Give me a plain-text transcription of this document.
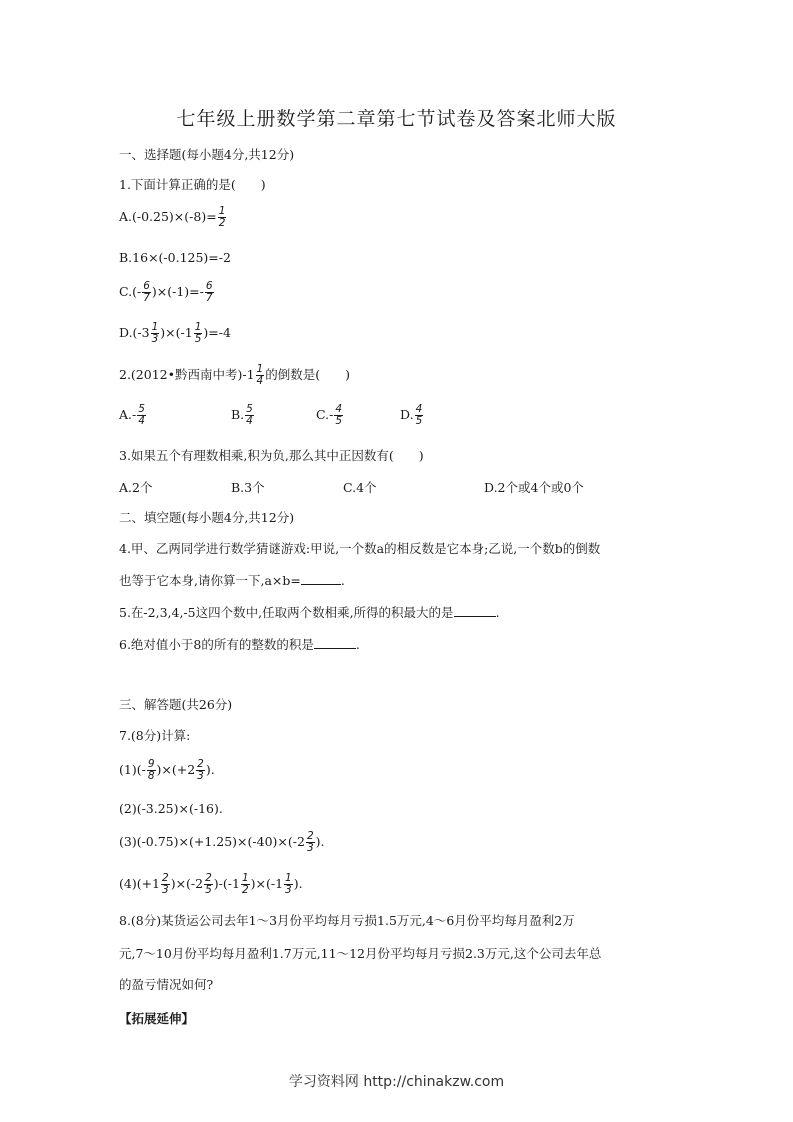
七年级上册数学第二章第七节试卷及答案北师大版
一、选择题(每小题4分,共12分)
1.下面计算正确的是(　　)
$A.(-0.25)\times(-8)= \frac{1}{2}$
B.16×(-0.125)=-2
$C.(- \frac{6}{7} )\times(-1)=- \frac{6}{7}$
$D.(-3 \frac{1}{3} )\times(-1 \frac{1}{5} )=-4$
2.(2012•黔西南中考)$-1 \frac{1}{4}$ 的倒数是(　　)
$A.- \frac{5}{4}$	B. $\frac{5}{4}$	$C.- \frac{4}{5}$	D. $\frac{4}{5}$
3.如果五个有理数相乘,积为负,那么其中正因数有(　　)
A.2个	B.3个	C.4个	D.2个或4个或0个
二、填空题(每小题4分,共12分)
4.甲、乙两同学进行数学猜谜游戏:甲说,一个数a的相反数是它本身;乙说,一个数b的倒数
也等于它本身,请你算一下,a×b=	.
5.在-2,3,4,-5这四个数中,任取两个数相乘,所得的积最大的是	.
6.绝对值小于8的所有的整数的积是	.
三、解答题(共26分)
7.(8分)计算:
$(1)(- \frac{9}{8} )\times(+2 \frac{2}{3}$ ).
(2)(-3.25)×(-16).
$(3)(-0.75)\times(+1.25)\times(-40)\times(-2 \frac{2}{3}$ ).
$(4)(+1 \frac{2}{3} )\times(-2 \frac{2}{5} )-(-1 \frac{1}{2} )\times(-1 \frac{1}{3}$ ).
8.(8分)某货运公司去年1～3月份平均每月亏损1.5万元,4～6月份平均每月盈利2万
元,7～10月份平均每月盈利1.7万元,11～12月份平均每月亏损2.3万元,这个公司去年总
的盈亏情况如何?
【拓展延伸】
学习资料网 http://chinakzw.com
